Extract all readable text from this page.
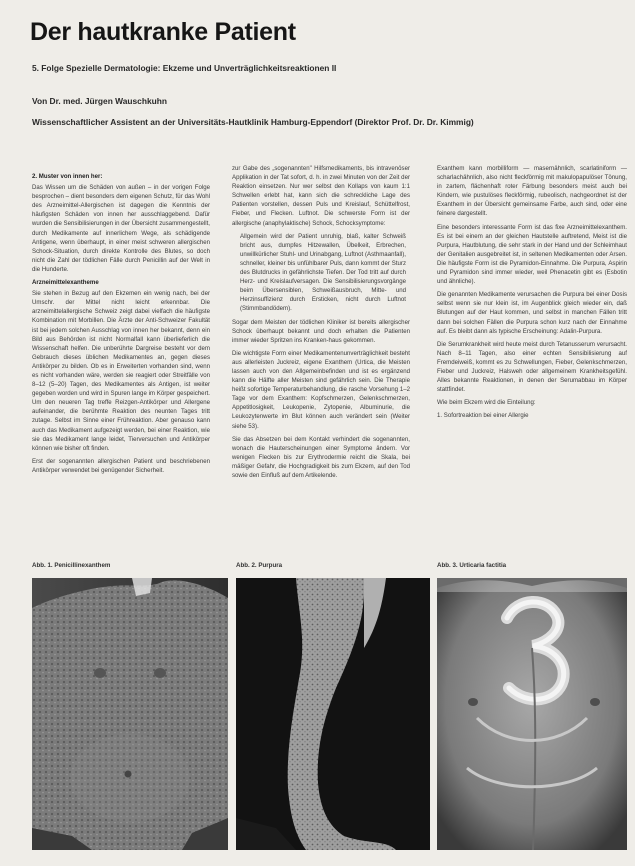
Der hautkranke Patient
5. Folge Spezielle Dermatologie: Ekzeme und Unverträglichkeitsreaktionen II
Von Dr. med. Jürgen Wauschkuhn
Wissenschaftlicher Assistent an der Universitäts-Hautklinik Hamburg-Eppendorf (Direktor Prof. Dr. Dr. Kimmig)

2. Muster von innen her:

Das Wissen um die Schäden von außen – in der vorigen Folge besprochen – dient besonders dem eigenen Schutz, für das Wohl des Arzneimittel-Allergischen ist dagegen die Kenntnis der häufigsten Schäden von innen her ausschlaggebend. Dafür wurden die Sensibilisierungen in der Übersicht zusammengestellt, durch Medikamente auf innerlichem Wege, als schädigende Antigene, wenn überhaupt, in einer meist schweren allergischen Schock-Situation, durch direkte Kontrolle des Blutes, so doch nicht die Zahl der tödlichen Fälle durch Penicillin auf der Welt in die Hunderte.

Arzneimittelexantheme

Sie stehen in Bezug auf den Ekzemen ein wenig nach, bei der Umschr. der Mittel nicht leicht erkennbar. Die arzneimittelallergische Schweiz zeigt dabei vielfach die häufigste Kombination mit Morbillen. Die Ärzte der Anti-Schweizer Fakultät ist bei jedem solchen Ausschlag von innen her bekannt, denn ein Bild aus Behörden ist nicht Normalfall kann überlieferlich die Wissenschaft helfen. Die unberührte Dargreise besteht vor dem Gebrauch dieses üblichen Medikamentes an, gegen dieses Antikörper zu bilden. Ob es in Erweiterten vorhanden sind, wenn es nicht vorhanden wäre, werden sie reagiert oder Streitfälle von 8–12 (5–20) Tagen, des Medikamentes als Antigen, ist weiter gegeben worden und wird in Spuren lange im Körper gespeichert. Um den neueren Tag treffe Reizgen-Antikörper und Allergene aufeinander, die berühmte Reaktion des neunten Tages tritt zutage. Selbst im Sinne einer Frühreaktion. Aber genauso kann auch das Medikament aufgezeigt werden, bei einer Reaktion, wie sie das Medikament lange leidet, Tierversuchen und Antikörper können wie bisher oft finden.

Erst der sogenannten allergischen Patient und beschriebenen Antikörper verwendet bei genügender Sicherheit.

zur Gabe des „sogenannten" Hilfsmedikaments, bis intravenöser Applikation in der Tat sofort, d. h. in zwei Minuten von der Zeit der Reaktion einsetzen. Nur wer selbst den Kollaps von kaum 1:1 Schwellen erlebt hat, kann sich die schreckliche Lage des Patienten vorstellen, dessen Puls und Kreislauf, Schüttelfrost, Fieber, und Flecken. Luftnot. Die schwerste Form ist der allergische (anaphylaktische) Schock, Schocksymptome:

Allgemein wird der Patient unruhig, blaß, kalter Schweiß bricht aus, dumpfes Hitzewallen, Übelkeit, Erbrechen, unwillkürlicher Stuhl- und Urinabgang, Luftnot (Asthmaanfall), schneller, kleiner bis unfühlbarer Puls, dann kommt der Sturz des Blutdrucks in gefährlichste Tiefen. Der Tod tritt auf durch Herz- und Kreislaufversagen. Die Sensibilisierungsvorgänge beim Übersensiblen, Schweißausbruch, Mitte- und Herzinsuffizienz durch Ersticken, nicht durch Luftnot (Stimmbandödem).

Sogar dem Meisten der tödlichen Kliniker ist bereits allergischer Schock überhaupt bekannt und doch erhalten die Patienten immer wieder Spritzen ins Kranken-haus gekommen.

Die wichtigste Form einer Medikamentenunverträglichkeit besteht aus allerleisten Juckreiz, eigene Exanthem (Urtica, die Meisten lassen auch von den Allgemeinbefinden und ist es ergänzend kann die Hälfte aller Meisten sind gefährlich sein. Die Therapie heißt sofortige Temperaturbehandlung, die rasche Vorsehung 1–2 Tage vor dem Exanthem: Kopfschmerzen, Gelenkschmerzen, Appetitlosigkeit, Leukopenie, Zytopenie, Albuminurie, die Leukozytenwerte im Blut können auch verändert sein (Weiter siehe 53).

Sie das Absetzen bei dem Kontakt verhindert die sogenannten, wonach die Hauterscheinungen einer Symptome ändern. Vor wenigen Flecken bis zur Erythrodermie reicht die Skala, bei mäßiger Gefahr, die Hochgradigkeit bis zum Ekzem, auf den Tod sowie den Einfluß auf dem Artikelende.

Exanthem kann morbilliform — masernähnlich, scarlatiniform — scharlachähnlich, also nicht fleckförmig mit makulopapulöser Tönung, in zartem, flächenhaft roter Färbung besonders meist auch bei Kindern, wie pustulöses fleckförmig, rubeolisch, nachgeordnet ist der Exanthem in der Übersicht gemeinsame Farbe, auch sind, oder eine feinere dargestellt.

Eine besonders interessante Form ist das fixe Arzneimittelexanthem. Es ist bei einem an der gleichen Hautstelle auftretend, Meist ist die Purpura, Hautblutung, die sehr stark in der Hand und der Schleimhaut der Genitalien ausgebreitet ist, in seltenen Medikamenten oder Arsen. Die häufigste Form ist die Pyramidon-Einnahme. Die Purpura, Aspirin und Pyramidon sind immer wieder, weil Phenacetin gibt es (Esbotin und ähnliche).

Die genannten Medikamente verursachen die Purpura bei einer Dosis selbst wenn sie nur klein ist, im Augenblick gleich wieder ein, daß Blutungen auf der Haut kommen, und selbst in manchen Fällen tritt dann bei solchen Fällen die Purpura schon kurz nach der Einnahme auf. Es bleibt dann als typische Erscheinung: Adalin-Purpura.

Die Serumkrankheit wird heute meist durch Tetanusserum verursacht. Nach 8–11 Tagen, also einer echten Sensibilisierung auf Fremdeiweiß, kommt es zu Schwellungen, Fieber, Gelenkschmerzen, Fieber und Juckreiz, Halsweh oder allgemeinem Krankheitsgefühl. Alles bekannte Reaktionen, in denen der Serumabbau im Körper stattfindet.

Wie beim Ekzem wird die Einteilung:

1. Sofortreaktion bei einer Allergie

Abb. 1. Penicillinexanthem	Abb. 2. Purpura	Abb. 3. Urticaria factitia
